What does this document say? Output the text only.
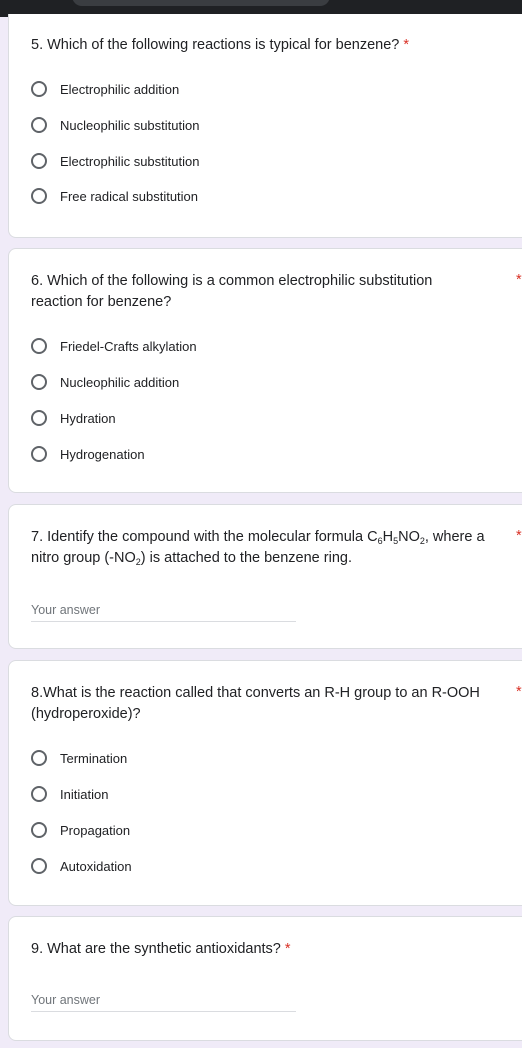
5. Which of the following reactions is typical for benzene? *
Electrophilic addition
Nucleophilic substitution
Electrophilic substitution
Free radical substitution
6. Which of the following is a common electrophilic substitution reaction for benzene?
*
Friedel-Crafts alkylation
Nucleophilic addition
Hydration
Hydrogenation
7. Identify the compound with the molecular formula $C_6H_5NO_2$, where a nitro group $(-NO_2)$ is attached to the benzene ring.
*
Your answer
8.What is the reaction called that converts an R-H group to an R-OOH (hydroperoxide)?
*
Termination
Initiation
Propagation
Autoxidation
9. What are the synthetic antioxidants? *
Your answer
